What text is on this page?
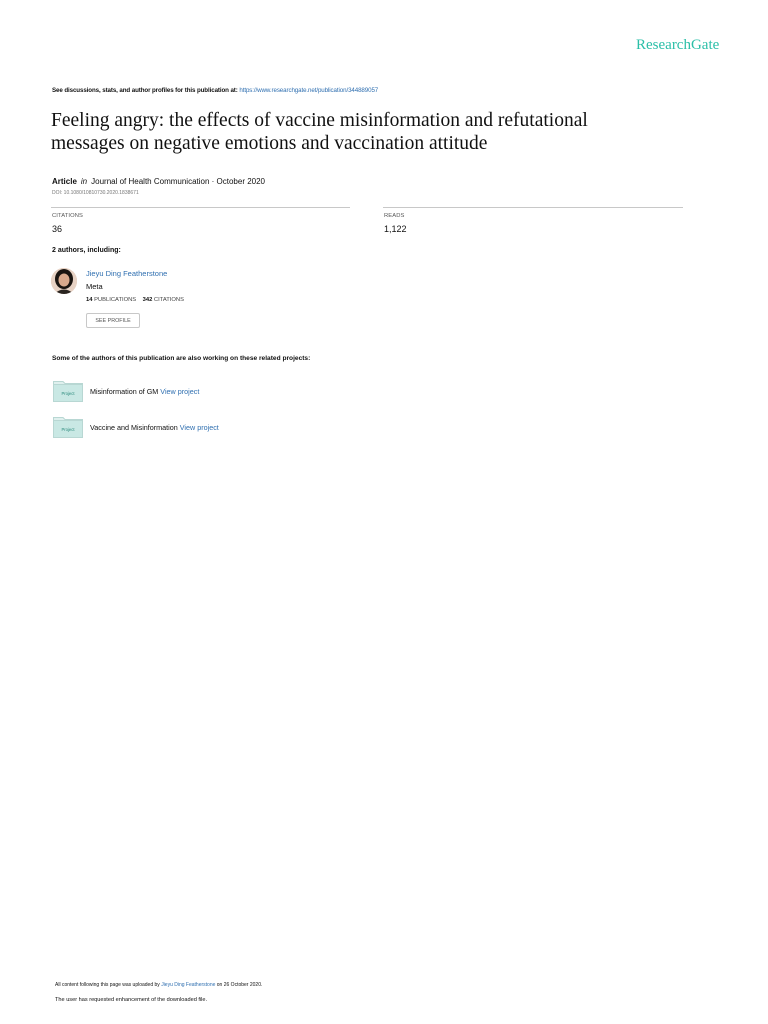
ResearchGate
See discussions, stats, and author profiles for this publication at: https://www.researchgate.net/publication/344889057
Feeling angry: the effects of vaccine misinformation and refutational
messages on negative emotions and vaccination attitude
Article in Journal of Health Communication · October 2020
DOI: 10.1080/10810730.2020.1838671
CITATIONS
36
READS
1,122
2 authors, including:
Jieyu Ding Featherstone
Meta
14 PUBLICATIONS 342 CITATIONS
SEE PROFILE
Some of the authors of this publication are also working on these related projects:
Project Misinformation of GM View project
Project Vaccine and Misinformation View project
All content following this page was uploaded by Jieyu Ding Featherstone on 26 October 2020.
The user has requested enhancement of the downloaded file.
